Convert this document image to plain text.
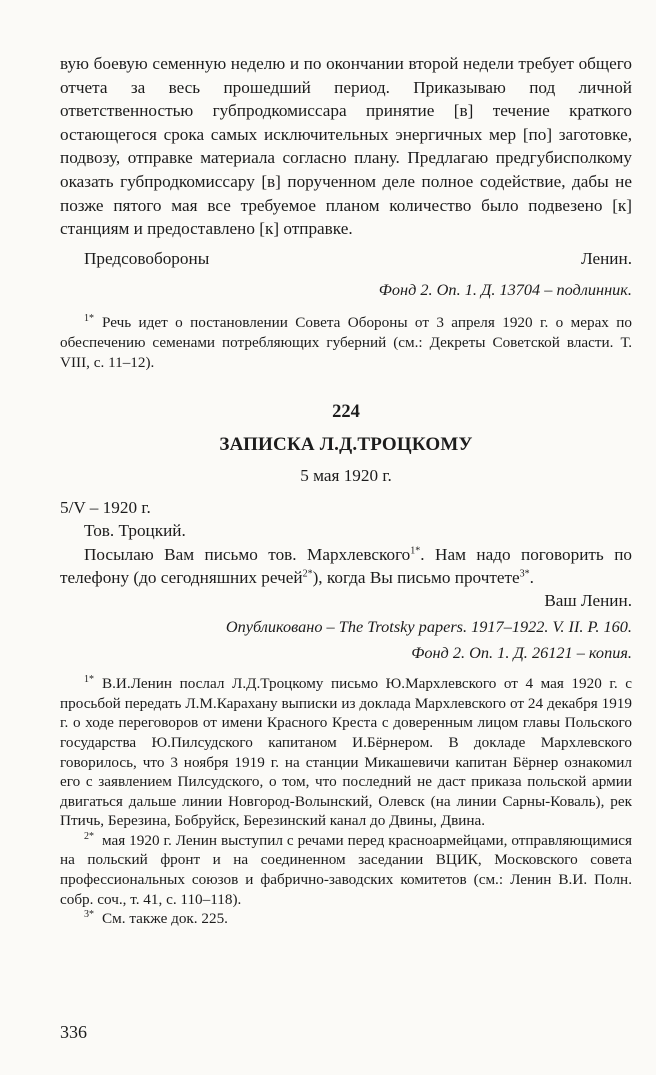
вую боевую семенную неделю и по окончании второй недели требует общего отчета за весь прошедший период. Приказываю под личной ответственностью губпродкомиссара принятие [в] течение краткого остающегося срока самых исключительных энергичных мер [по] заготовке, подвозу, отправке материала согласно плану. Предлагаю предгубисполкому оказать губпродкомиссару [в] порученном деле полное содействие, дабы не позже пятого мая все требуемое планом количество было подвезено [к] станциям и предоставлено [к] отправке.

Предсовобороны	Ленин.
Фонд 2. Оп. 1. Д. 13704 – подлинник.

$^{1*}$ Речь идет о постановлении Совета Обороны от 3 апреля 1920 г. о мерах по обеспечению семенами потребляющих губерний (см.: Декреты Советской власти. Т. VIII, с. 11–12).

224
ЗАПИСКА Л.Д.ТРОЦКОМУ
5 мая 1920 г.

5/V – 1920 г.

Тов. Троцкий.

Посылаю Вам письмо тов. Мархлевского$^{1*}$. Нам надо поговорить по телефону (до сегодняшних речей$^{2*}$), когда Вы письмо прочтете$^{3*}$.

Ваш Ленин.

Опубликовано – The Trotsky papers. 1917–1922. V. II. P. 160.
Фонд 2. Оп. 1. Д. 26121 – копия.

$^{1*}$ В.И.Ленин послал Л.Д.Троцкому письмо Ю.Мархлевского от 4 мая 1920 г. с просьбой передать Л.М.Карахану выписки из доклада Мархлевского от 24 декабря 1919 г. о ходе переговоров от имени Красного Креста с доверенным лицом главы Польского государства Ю.Пилсудского капитаном И.Бёрнером. В докладе Мархлевского говорилось, что 3 ноября 1919 г. на станции Микашевичи капитан Бёрнер ознакомил его с заявлением Пилсудского, о том, что последний не даст приказа польской армии двигаться дальше линии Новгород-Волынский, Олевск (на линии Сарны-Коваль), рек Птичь, Березина, Бобруйск, Березинский канал до Двины, Двина.

$^{2*}$ мая 1920 г. Ленин выступил с речами перед красноармейцами, отправляющимися на польский фронт и на соединенном заседании ВЦИК, Московского совета профессиональных союзов и фабрично-заводских комитетов (см.: Ленин В.И. Полн. собр. соч., т. 41, с. 110–118).

$^{3*}$ См. также док. 225.

336
